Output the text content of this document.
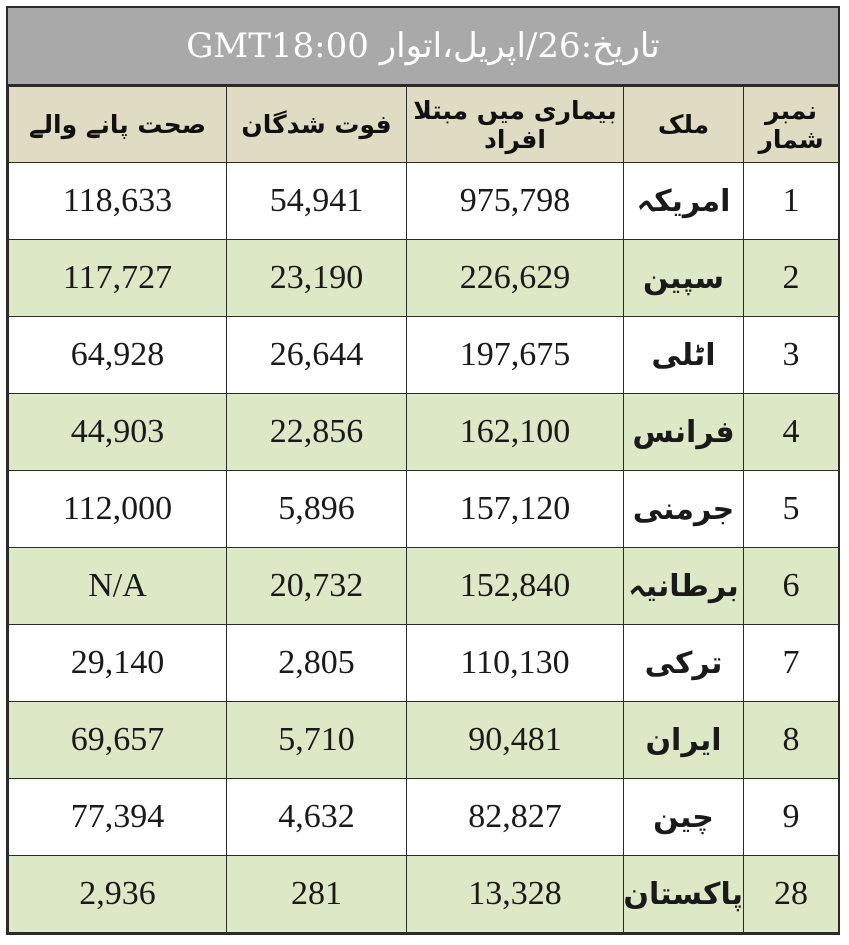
تاریخ:26/اپریل،اتوار GMT18:00
صحت پانے والے	فوت شدگان	بیماری میں مبتلا افراد	ملک	نمبر شمار
118,633	54,941	975,798	امریکہ	1
117,727	23,190	226,629	سپین	2
64,928	26,644	197,675	اٹلی	3
44,903	22,856	162,100	فرانس	4
112,000	5,896	157,120	جرمنی	5
N/A	20,732	152,840	برطانیہ	6
29,140	2,805	110,130	ترکی	7
69,657	5,710	90,481	ایران	8
77,394	4,632	82,827	چین	9
2,936	281	13,328	پاکستان	28
